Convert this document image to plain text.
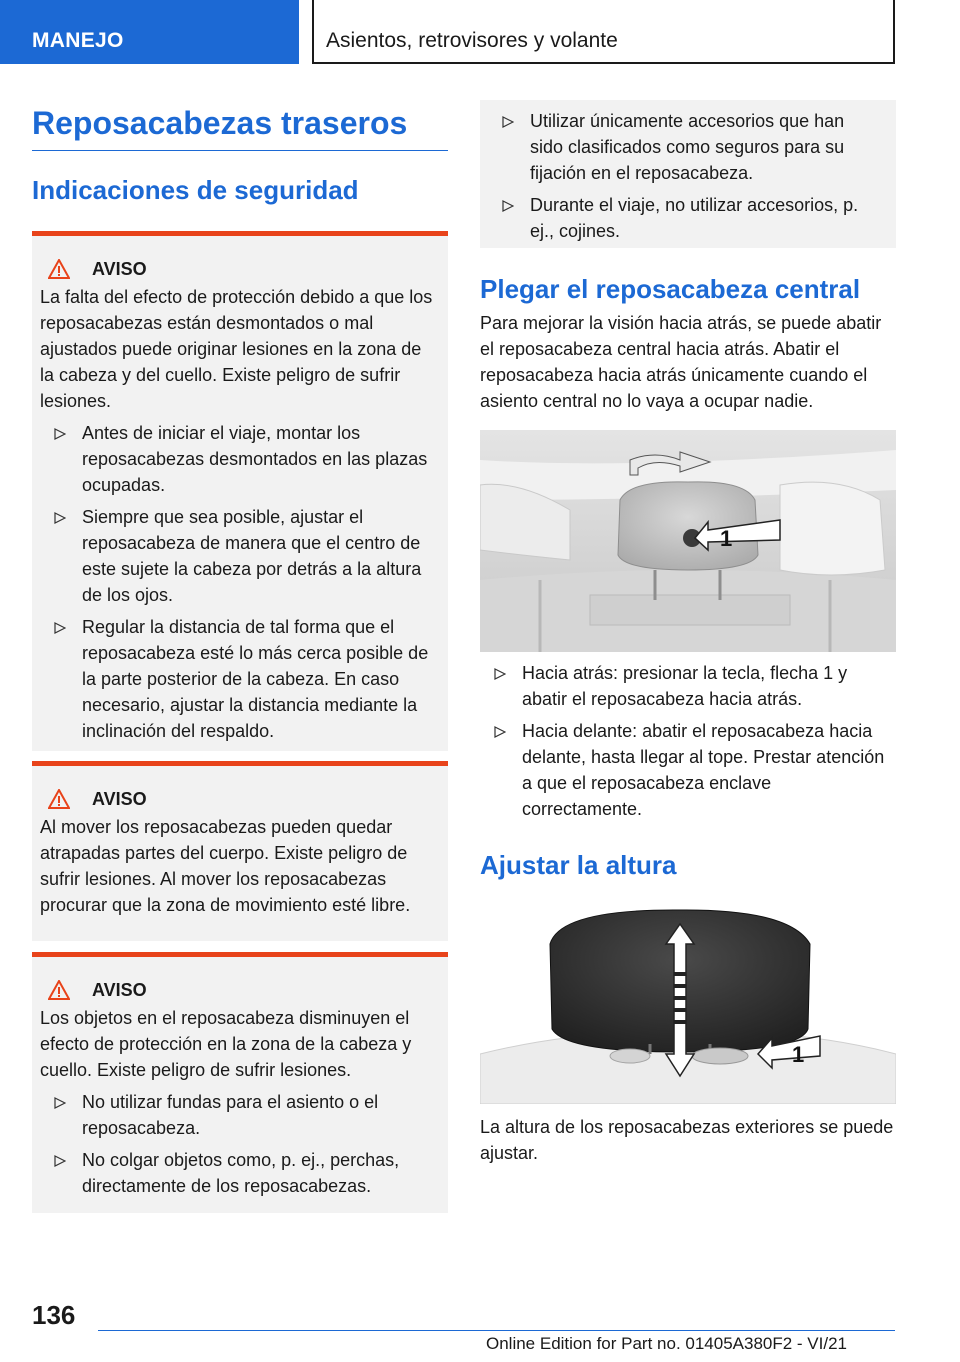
MANEJO	Asientos, retrovisores y volante
Reposacabezas traseros
Indicaciones de seguridad
AVISO

La falta del efecto de protección debido a que los reposacabezas están desmontados o mal ajustados puede originar lesiones en la zona de la cabeza y del cuello. Existe peligro de sufrir lesiones.

Antes de iniciar el viaje, montar los reposacabezas desmontados en las plazas ocupadas.
Siempre que sea posible, ajustar el reposacabeza de manera que el centro de este sujete la cabeza por detrás a la altura de los ojos.
Regular la distancia de tal forma que el reposacabeza esté lo más cerca posible de la parte posterior de la cabeza. En caso necesario, ajustar la distancia mediante la inclinación del respaldo.
AVISO

Al mover los reposacabezas pueden quedar atrapadas partes del cuerpo. Existe peligro de sufrir lesiones. Al mover los reposacabezas procurar que la zona de movimiento esté libre.

AVISO

Los objetos en el reposacabeza disminuyen el efecto de protección en la zona de la cabeza y cuello. Existe peligro de sufrir lesiones.

No utilizar fundas para el asiento o el reposacabeza.
No colgar objetos como, p. ej., perchas, directamente de los reposacabezas.
Utilizar únicamente accesorios que han sido clasificados como seguros para su fijación en el reposacabeza.
Durante el viaje, no utilizar accesorios, p. ej., cojines.
Plegar el reposacabeza central

Para mejorar la visión hacia atrás, se puede abatir el reposacabeza central hacia atrás. Abatir el reposacabeza hacia atrás únicamente cuando el asiento central no lo vaya a ocupar nadie.

1
Hacia atrás: presionar la tecla, flecha 1 y abatir el reposacabeza hacia atrás.
Hacia delante: abatir el reposacabeza hacia delante, hasta llegar al tope. Prestar atención a que el reposacabeza enclave correctamente.
Ajustar la altura
1

La altura de los reposacabezas exteriores se puede ajustar.

136
Online Edition for Part no. 01405A380F2 - VI/21
